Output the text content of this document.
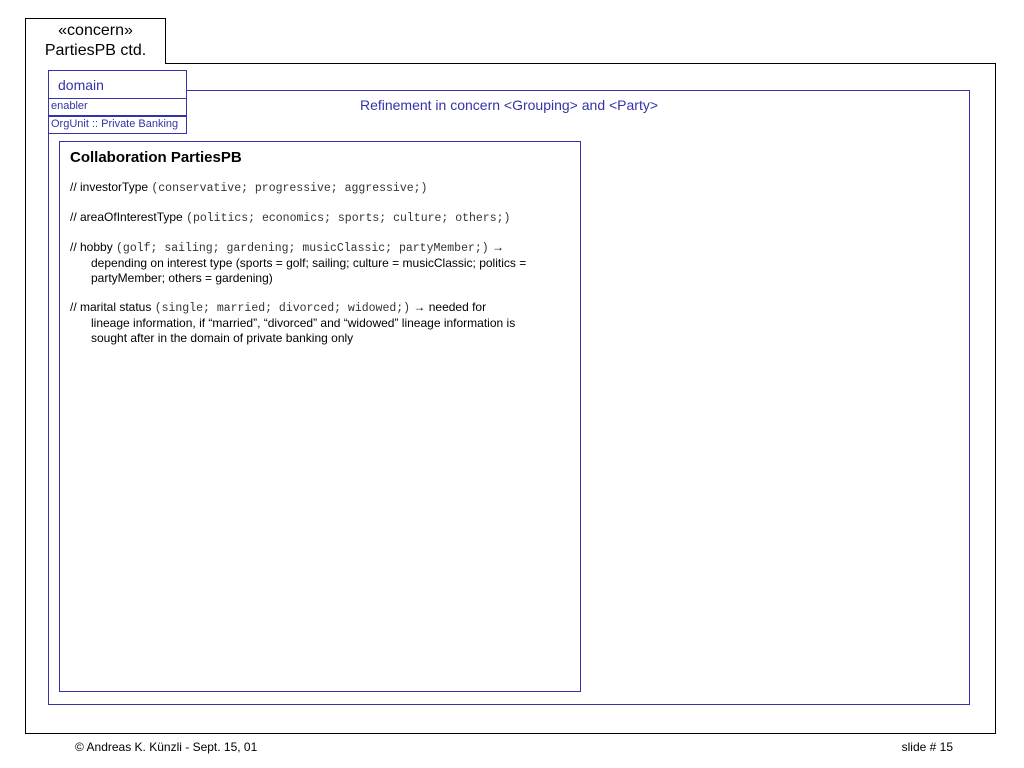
«concern»
PartiesPB ctd.
domain
enabler
OrgUnit :: Private Banking
Refinement in concern <Grouping> and <Party>
Collaboration PartiesPB
// investorType (conservative; progressive; aggressive;)
// areaOfInterestType (politics; economics; sports; culture; others;)
// hobby (golf; sailing; gardening; musicClassic; partyMember;) →
depending on interest type (sports = golf; sailing; culture = musicClassic; politics =
partyMember; others = gardening)
// marital status (single; married; divorced; widowed;) → needed for
lineage information, if “married”, “divorced” and “widowed” lineage information is
sought after in the domain of private banking only
© Andreas K. Künzli - Sept. 15, 01	slide # 15
